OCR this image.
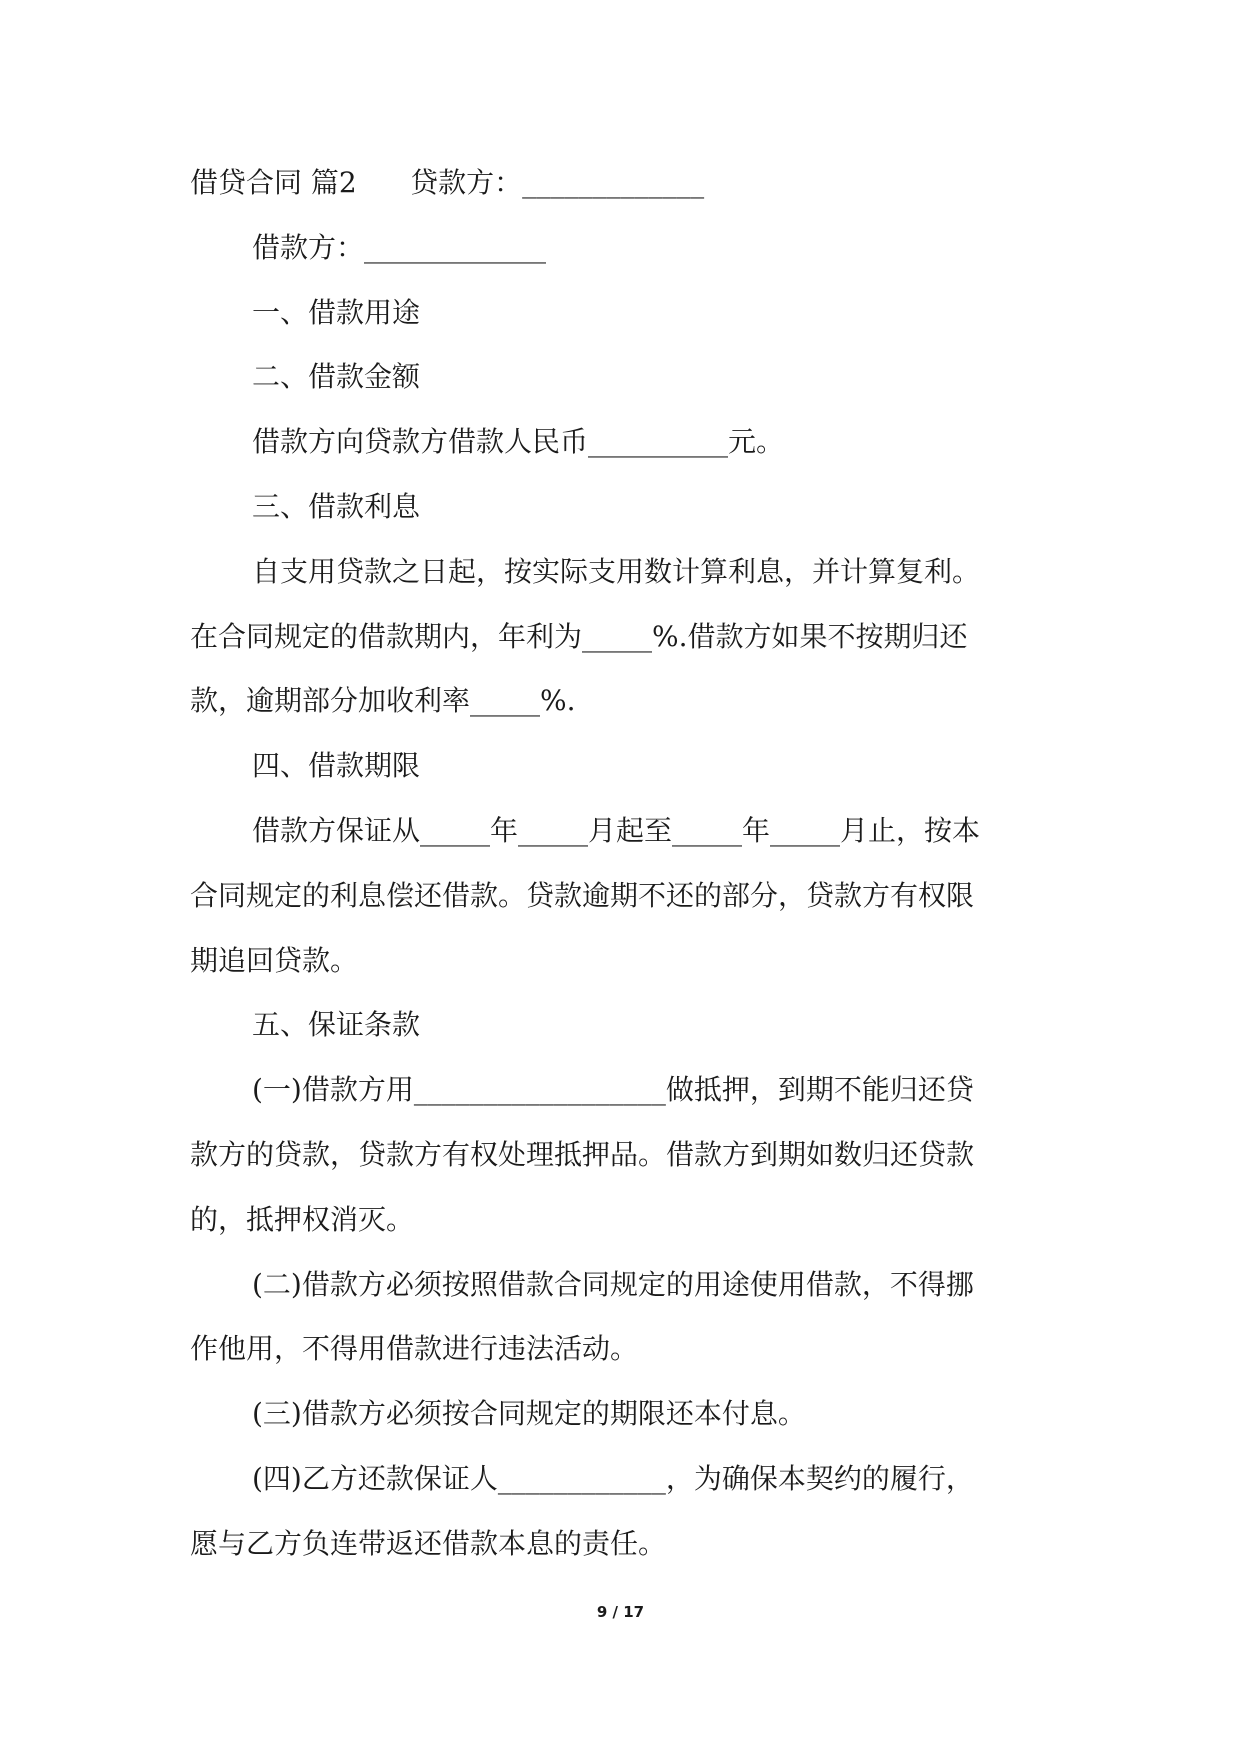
借贷合同 篇2      贷款方：_____________
借款方：_____________
一、借款用途
二、借款金额
借款方向贷款方借款人民币__________元。
三、借款利息
自支用贷款之日起，按实际支用数计算利息，并计算复利。
在合同规定的借款期内，年利为_____%.借款方如果不按期归还
款，逾期部分加收利率_____%.
四、借款期限
借款方保证从_____年_____月起至_____年_____月止，按本
合同规定的利息偿还借款。贷款逾期不还的部分，贷款方有权限
期追回贷款。
五、保证条款
(一)借款方用__________________做抵押，到期不能归还贷
款方的贷款，贷款方有权处理抵押品。借款方到期如数归还贷款
的，抵押权消灭。
(二)借款方必须按照借款合同规定的用途使用借款，不得挪
作他用，不得用借款进行违法活动。
(三)借款方必须按合同规定的期限还本付息。
(四)乙方还款保证人____________，为确保本契约的履行，
愿与乙方负连带返还借款本息的责任。
9 / 17
